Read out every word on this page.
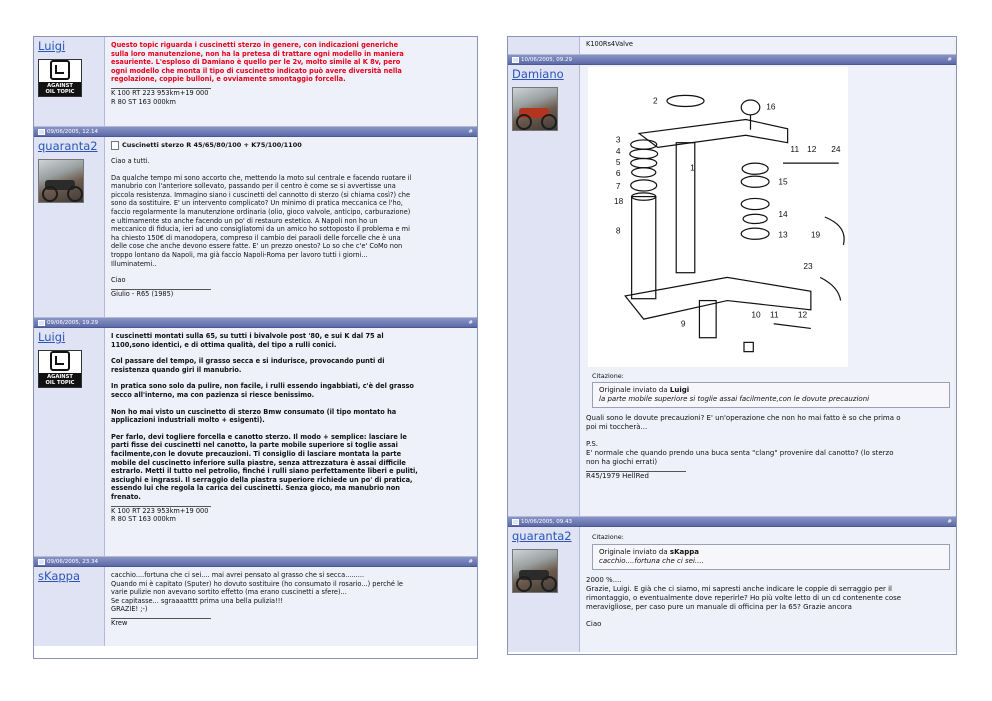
Luigi
AGAINST
OIL TOPIC

Questo topic riguarda i cuscinetti sterzo in genere, con indicazioni generiche
sulla loro manutenzione, non ha la pretesa di trattare ogni modello in maniera
esauriente. L'esploso di Damiano è quello per le 2v, molto simile al K 8v, pero
ogni modello che monta il tipo di cuscinetto indicato può avere diversità nella
regolazione, coppie bulloni, e ovviamente smontaggio forcella.

K 100 RT 223 953km+19 000
R 80 ST 163 000km
09/06/2005, 12.14	#
quaranta2	Cuscinetti sterzo R 45/65/80/100 + K75/100/1100

Ciao a tutti.

Da qualche tempo mi sono accorto che, mettendo la moto sul centrale e facendo ruotare il
manubrio con l'anteriore sollevato, passando per il centro è come se si avvertisse una
piccola resistenza. Immagino siano i cuscinetti del cannotto di sterzo (si chiama così?) che
sono da sostituire. E' un intervento complicato? Un minimo di pratica meccanica ce l'ho,
faccio regolarmente la manutenzione ordinaria (olio, gioco valvole, anticipo, carburazione)
e ultimamente sto anche facendo un po' di restauro estetico. A Napoli non ho un
meccanico di fiducia, ieri ad uno consigliatomi da un amico ho sottoposto il problema e mi
ha chiesto 150€ di manodopera, compreso il cambio dei paraoli delle forcelle che è una
delle cose che anche devono essere fatte. E' un prezzo onesto? Lo so che c'e' CoMo non
troppo lontano da Napoli, ma già faccio Napoli-Roma per lavoro tutti i giorni...
Illuminatemi..

Ciao

Giulio - R65 (1985)
09/06/2005, 19.29	#
Luigi
AGAINST
OIL TOPIC

I cuscinetti montati sulla 65, su tutti i bivalvole post '80, e sui K dal 75 al
1100,sono identici, e di ottima qualità, del tipo a rulli conici.

Col passare del tempo, il grasso secca e si indurisce, provocando punti di
resistenza quando giri il manubrio.

In pratica sono solo da pulire, non facile, i rulli essendo ingabbiati, c'è del grasso
secco all'interno, ma con pazienza si riesce benissimo.

Non ho mai visto un cuscinetto di sterzo Bmw consumato (il tipo montato ha
applicazioni industriali molto + esigenti).

Per farlo, devi togliere forcella e canotto sterzo. Il modo + semplice: lasciare le
parti fisse dei cuscinetti nel canotto, la parte mobile superiore si toglie assai
facilmente,con le dovute precauzioni. Ti consiglio di lasciare montata la parte
mobile del cuscinetto inferiore sulla piastre, senza attrezzatura è assai difficile
estrarlo. Metti il tutto nel petrolio, finché i rulli siano perfettamente liberi e puliti,
asciughi e ingrassi. Il serraggio della piastra superiore richiede un po' di pratica,
essendo lui che regola la carica dei cuscinetti. Senza gioco, ma manubrio non
frenato.

K 100 RT 223 953km+19 000
R 80 ST 163 000km
09/06/2005, 23.34	#
sKappa	cacchio....fortuna che ci sei.... mai avrei pensato al grasso che si secca.........
Quando mi è capitato (Sputer) ho dovuto sostituire (ho consumato il rosario...) perché le
varie pulizie non avevano sortito effetto (ma erano cuscinetti a sfere)...
Se capitasse... sgraaaatttt prima una bella pulizia!!!
GRAZIE! ;-)

Krew
K100Rs4Valve
10/06/2005, 09.29	#
Damiano
2
16
3
4
5
6
7
18
8
1
11 12 24
15
14
13	19
23
10 11 12
9
Citazione:
Originale inviato da Luigi
la parte mobile superiore si toglie assai facilmente,con le dovute precauzioni

Quali sono le dovute precauzioni? E' un'operazione che non ho mai fatto è so che prima o
poi mi toccherà...

P.S.
E' normale che quando prendo una buca senta "clang" provenire dal canotto? (lo sterzo
non ha giochi errati)

R45/1979 HellRed
10/06/2005, 09.43	#
quaranta2	Citazione:
Originale inviato da sKappa
cacchio....fortuna che ci sei....

2000 %....
Grazie, Luigi. E già che ci siamo, mi sapresti anche indicare le coppie di serraggio per il
rimontaggio, o eventualmente dove reperirle? Ho più volte letto di un cd contenente cose
meravigliose, per caso pure un manuale di officina per la 65? Grazie ancora

Ciao
